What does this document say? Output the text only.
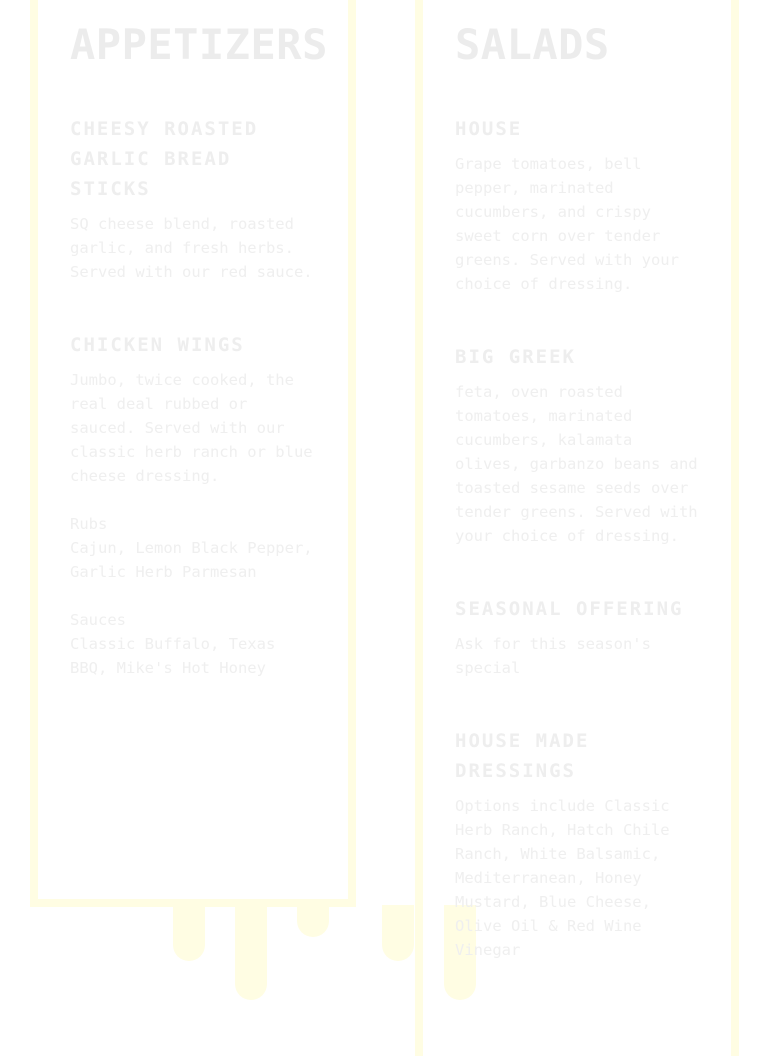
APPETIZERS
CHEESY ROASTED GARLIC BREAD STICKS

SQ cheese blend, roasted garlic, and fresh herbs. Served with our red sauce.

CHICKEN WINGS

Jumbo, twice cooked, the real deal rubbed or sauced. Served with our classic herb ranch or blue cheese dressing.

Rubs

Cajun, Lemon Black Pepper, Garlic Herb Parmesan

Sauces

Classic Buffalo, Texas BBQ, Mike's Hot Honey

SALADS
HOUSE

Grape tomatoes, bell pepper, marinated cucumbers, and crispy sweet corn over tender greens. Served with your choice of dressing.

BIG GREEK

feta, oven roasted tomatoes, marinated cucumbers, kalamata olives, garbanzo beans and toasted sesame seeds over tender greens. Served with your choice of dressing.

SEASONAL OFFERING

Ask for this season's special

HOUSE MADE DRESSINGS

Options include Classic Herb Ranch, Hatch Chile Ranch, White Balsamic, Mediterranean, Honey Mustard, Blue Cheese, Olive Oil & Red Wine Vinegar
